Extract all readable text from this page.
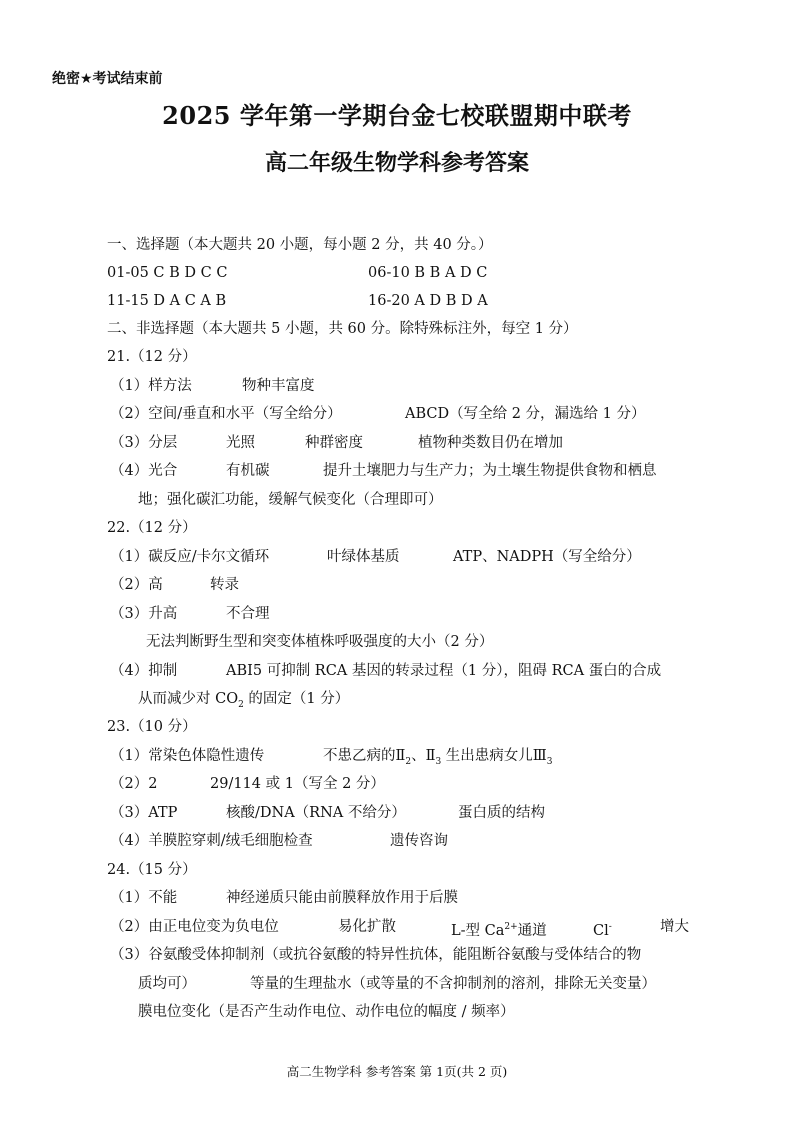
绝密★考试结束前
2025 学年第一学期台金七校联盟期中联考
高二年级生物学科参考答案
一、选择题（本大题共 20 小题，每小题 2 分，共 40 分。）
01-05 C B D C C	06-10 B B A D C
11-15 D A C A B	16-20 A D B D A
二、非选择题（本大题共 5 小题，共 60 分。除特殊标注外，每空 1 分）
21.（12 分）
（1）样方法	物种丰富度
（2）空间/垂直和水平（写全给分）	ABCD（写全给 2 分，漏选给 1 分）
（3）分层	光照	种群密度	植物种类数目仍在增加
（4）光合	有机碳	提升土壤肥力与生产力；为土壤生物提供食物和栖息
地；强化碳汇功能，缓解气候变化（合理即可）
22.（12 分）
（1）碳反应/卡尔文循环	叶绿体基质	ATP、NADPH（写全给分）
（2）高	转录
（3）升高	不合理
无法判断野生型和突变体植株呼吸强度的大小（2 分）
（4）抑制	ABI5 可抑制 RCA 基因的转录过程（1 分），阻碍 RCA 蛋白的合成
从而减少对 $CO_2$ 的固定（1 分）
23.（10 分）
（1）常染色体隐性遗传	不患乙病的$Ⅱ_2$、$Ⅱ_3$ 生出患病女儿$Ⅲ_3$
（2）2	29/114 或 1（写全 2 分）
（3）ATP	核酸/DNA（RNA 不给分）	蛋白质的结构
（4）羊膜腔穿刺/绒毛细胞检查	遗传咨询
24.（15 分）
（1）不能	神经递质只能由前膜释放作用于后膜
（2）由正电位变为负电位	易化扩散	L-型 $Ca^{2+}$通道	Cl-	增大
（3）谷氨酸受体抑制剂（或抗谷氨酸的特异性抗体，能阻断谷氨酸与受体结合的物
质均可）	等量的生理盐水（或等量的不含抑制剂的溶剂，排除无关变量）
膜电位变化（是否产生动作电位、动作电位的幅度 / 频率）
高二生物学科 参考答案 第 1页(共 2 页)
